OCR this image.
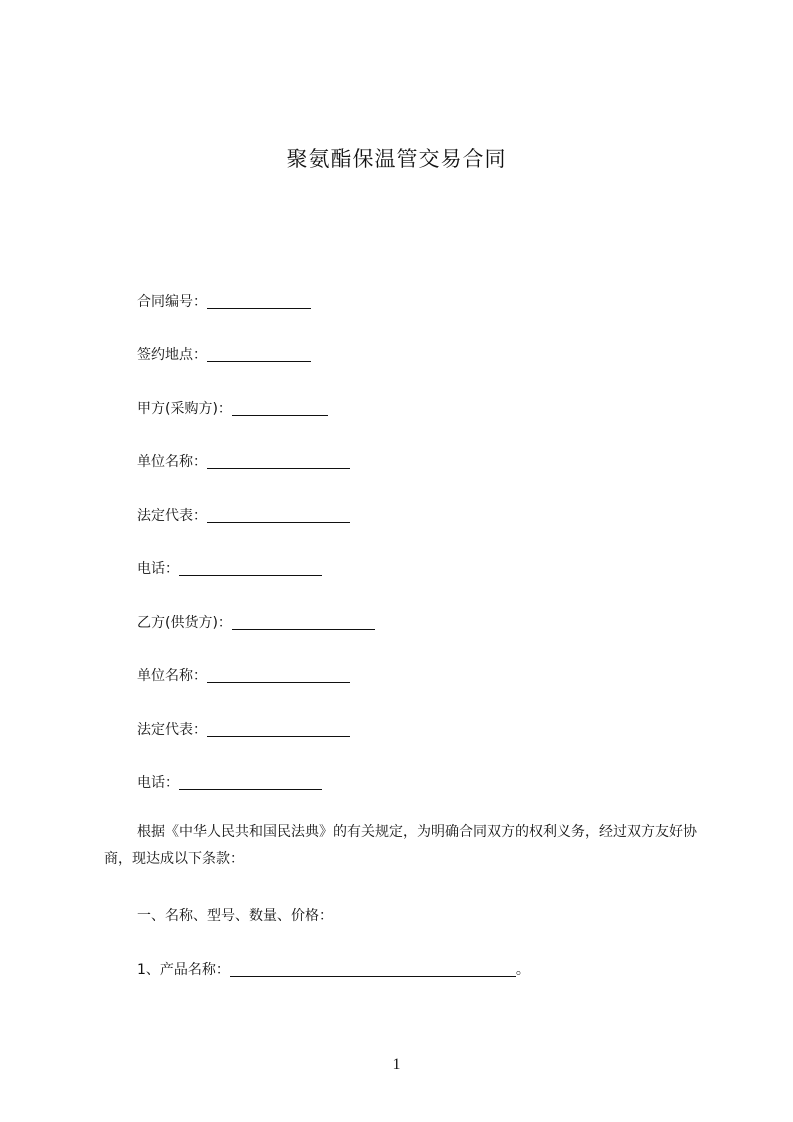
聚氨酯保温管交易合同
合同编号：
签约地点：
甲方(采购方)：
单位名称：
法定代表：
电话：
乙方(供货方)：
单位名称：
法定代表：
电话：
根据《中华人民共和国民法典》的有关规定，为明确合同双方的权利义务，经过双方友好协商，现达成以下条款：
一、名称、型号、数量、价格：
1、产品名称：	。
1
